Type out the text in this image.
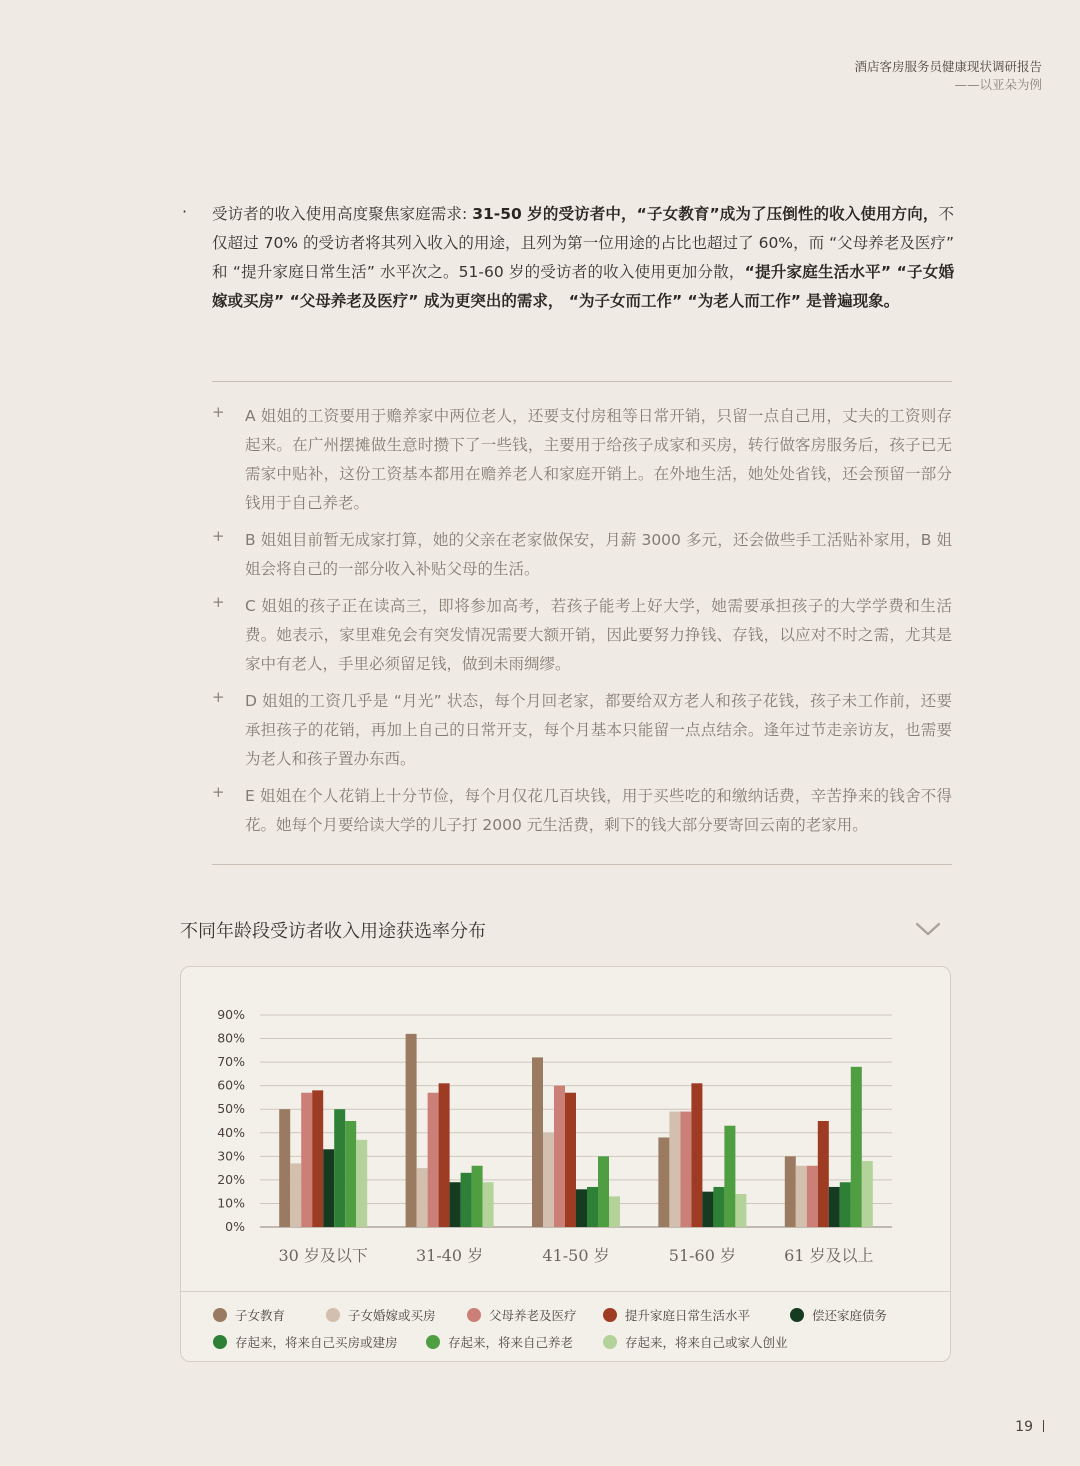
酒店客房服务员健康现状调研报告
——以亚朵为例
· 受访者的收入使用高度聚焦家庭需求: 31-50 岁的受访者中，“子女教育”成为了压倒性的收入使用方向，不仅超过 70% 的受访者将其列入收入的用途，且列为第一位用途的占比也超过了 60%，而 “父母养老及医疗” 和 “提升家庭日常生活” 水平次之。51-60 岁的受访者的收入使用更加分散，“提升家庭生活水平” “子女婚嫁或买房” “父母养老及医疗” 成为更突出的需求， “为子女而工作” “为老人而工作” 是普遍现象。

+ A 姐姐的工资要用于赡养家中两位老人，还要支付房租等日常开销，只留一点自己用，丈夫的工资则存起来。在广州摆摊做生意时攒下了一些钱，主要用于给孩子成家和买房，转行做客房服务后，孩子已无需家中贴补，这份工资基本都用在赡养老人和家庭开销上。在外地生活，她处处省钱，还会预留一部分钱用于自己养老。

+ B 姐姐目前暂无成家打算，她的父亲在老家做保安，月薪 3000 多元，还会做些手工活贴补家用，B 姐姐会将自己的一部分收入补贴父母的生活。

+ C 姐姐的孩子正在读高三，即将参加高考，若孩子能考上好大学，她需要承担孩子的大学学费和生活费。她表示，家里难免会有突发情况需要大额开销，因此要努力挣钱、存钱，以应对不时之需，尤其是家中有老人，手里必须留足钱，做到未雨绸缪。

+ D 姐姐的工资几乎是 “月光” 状态，每个月回老家，都要给双方老人和孩子花钱，孩子未工作前，还要承担孩子的花销，再加上自己的日常开支，每个月基本只能留一点点结余。逢年过节走亲访友，也需要为老人和孩子置办东西。

+ E 姐姐在个人花销上十分节俭，每个月仅花几百块钱，用于买些吃的和缴纳话费，辛苦挣来的钱舍不得花。她每个月要给读大学的儿子打 2000 元生活费，剩下的钱大部分要寄回云南的老家用。

不同年龄段受访者收入用途获选率分布
0%
10%
20%
30%
40%
50%
60%
70%
80%
90%
30 岁及以下	31-40 岁	41-50 岁	51-60 岁	61 岁及以上
子女教育	子女婚嫁或买房	父母养老及医疗	提升家庭日常生活水平	偿还家庭债务
存起来，将来自己买房或建房	存起来，将来自己养老	存起来，将来自己或家人创业
19
